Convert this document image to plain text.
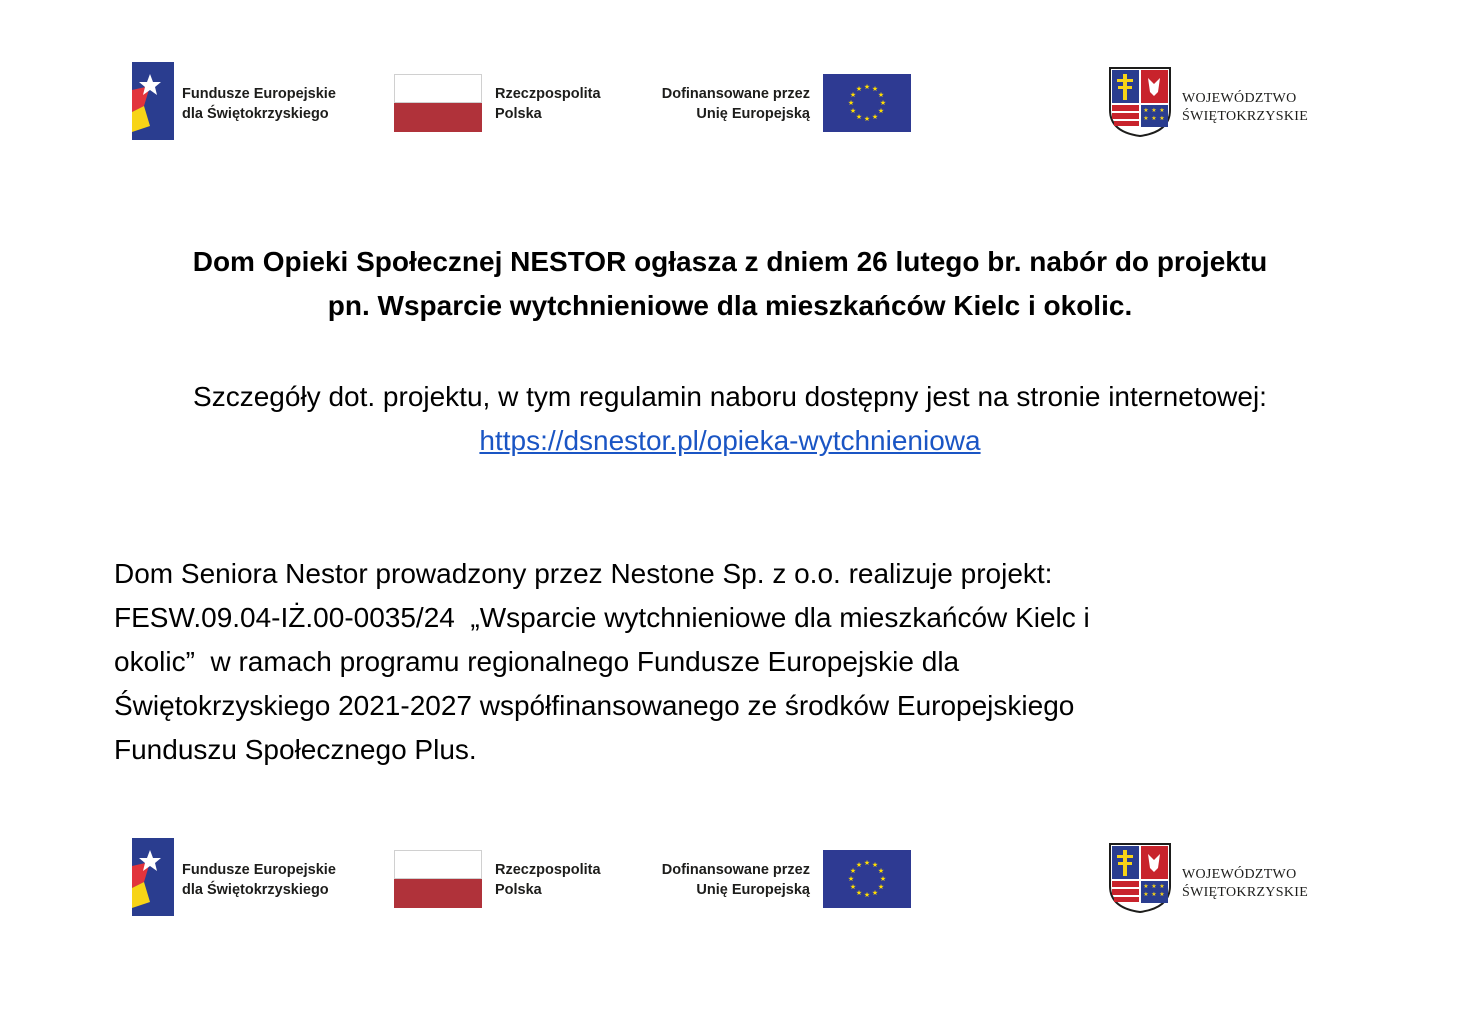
Fundusze Europejskie
dla Świętokrzyskiego
Rzeczpospolita
Polska
Dofinansowane przez
Unię Europejską
★ ★
★
★
★
★
★
★
★
★
★
★
★ ★ ★
★ ★ ★
WOJEWÓDZTWO
ŚWIĘTOKRZYSKIE
Dom Opieki Społecznej NESTOR ogłasza z dniem 26 lutego br. nabór do projektu
pn. Wsparcie wytchnieniowe dla mieszkańców Kielc i okolic.
Szczegóły dot. projektu, w tym regulamin naboru dostępny jest na stronie internetowej:
https://dsnestor.pl/opieka-wytchnieniowa
Dom Seniora Nestor prowadzony przez Nestone Sp. z o.o. realizuje projekt:
FESW.09.04-IŻ.00-0035/24  „Wsparcie wytchnieniowe dla mieszkańców Kielc i
okolic”  w ramach programu regionalnego Fundusze Europejskie dla
Świętokrzyskiego 2021-2027 współfinansowanego ze środków Europejskiego
Funduszu Społecznego Plus.
Fundusze Europejskie
dla Świętokrzyskiego
Rzeczpospolita
Polska
Dofinansowane przez
Unię Europejską
★ ★
★
★
★
★
★
★
★
★
★
★
★ ★ ★
★ ★ ★
WOJEWÓDZTWO
ŚWIĘTOKRZYSKIE
